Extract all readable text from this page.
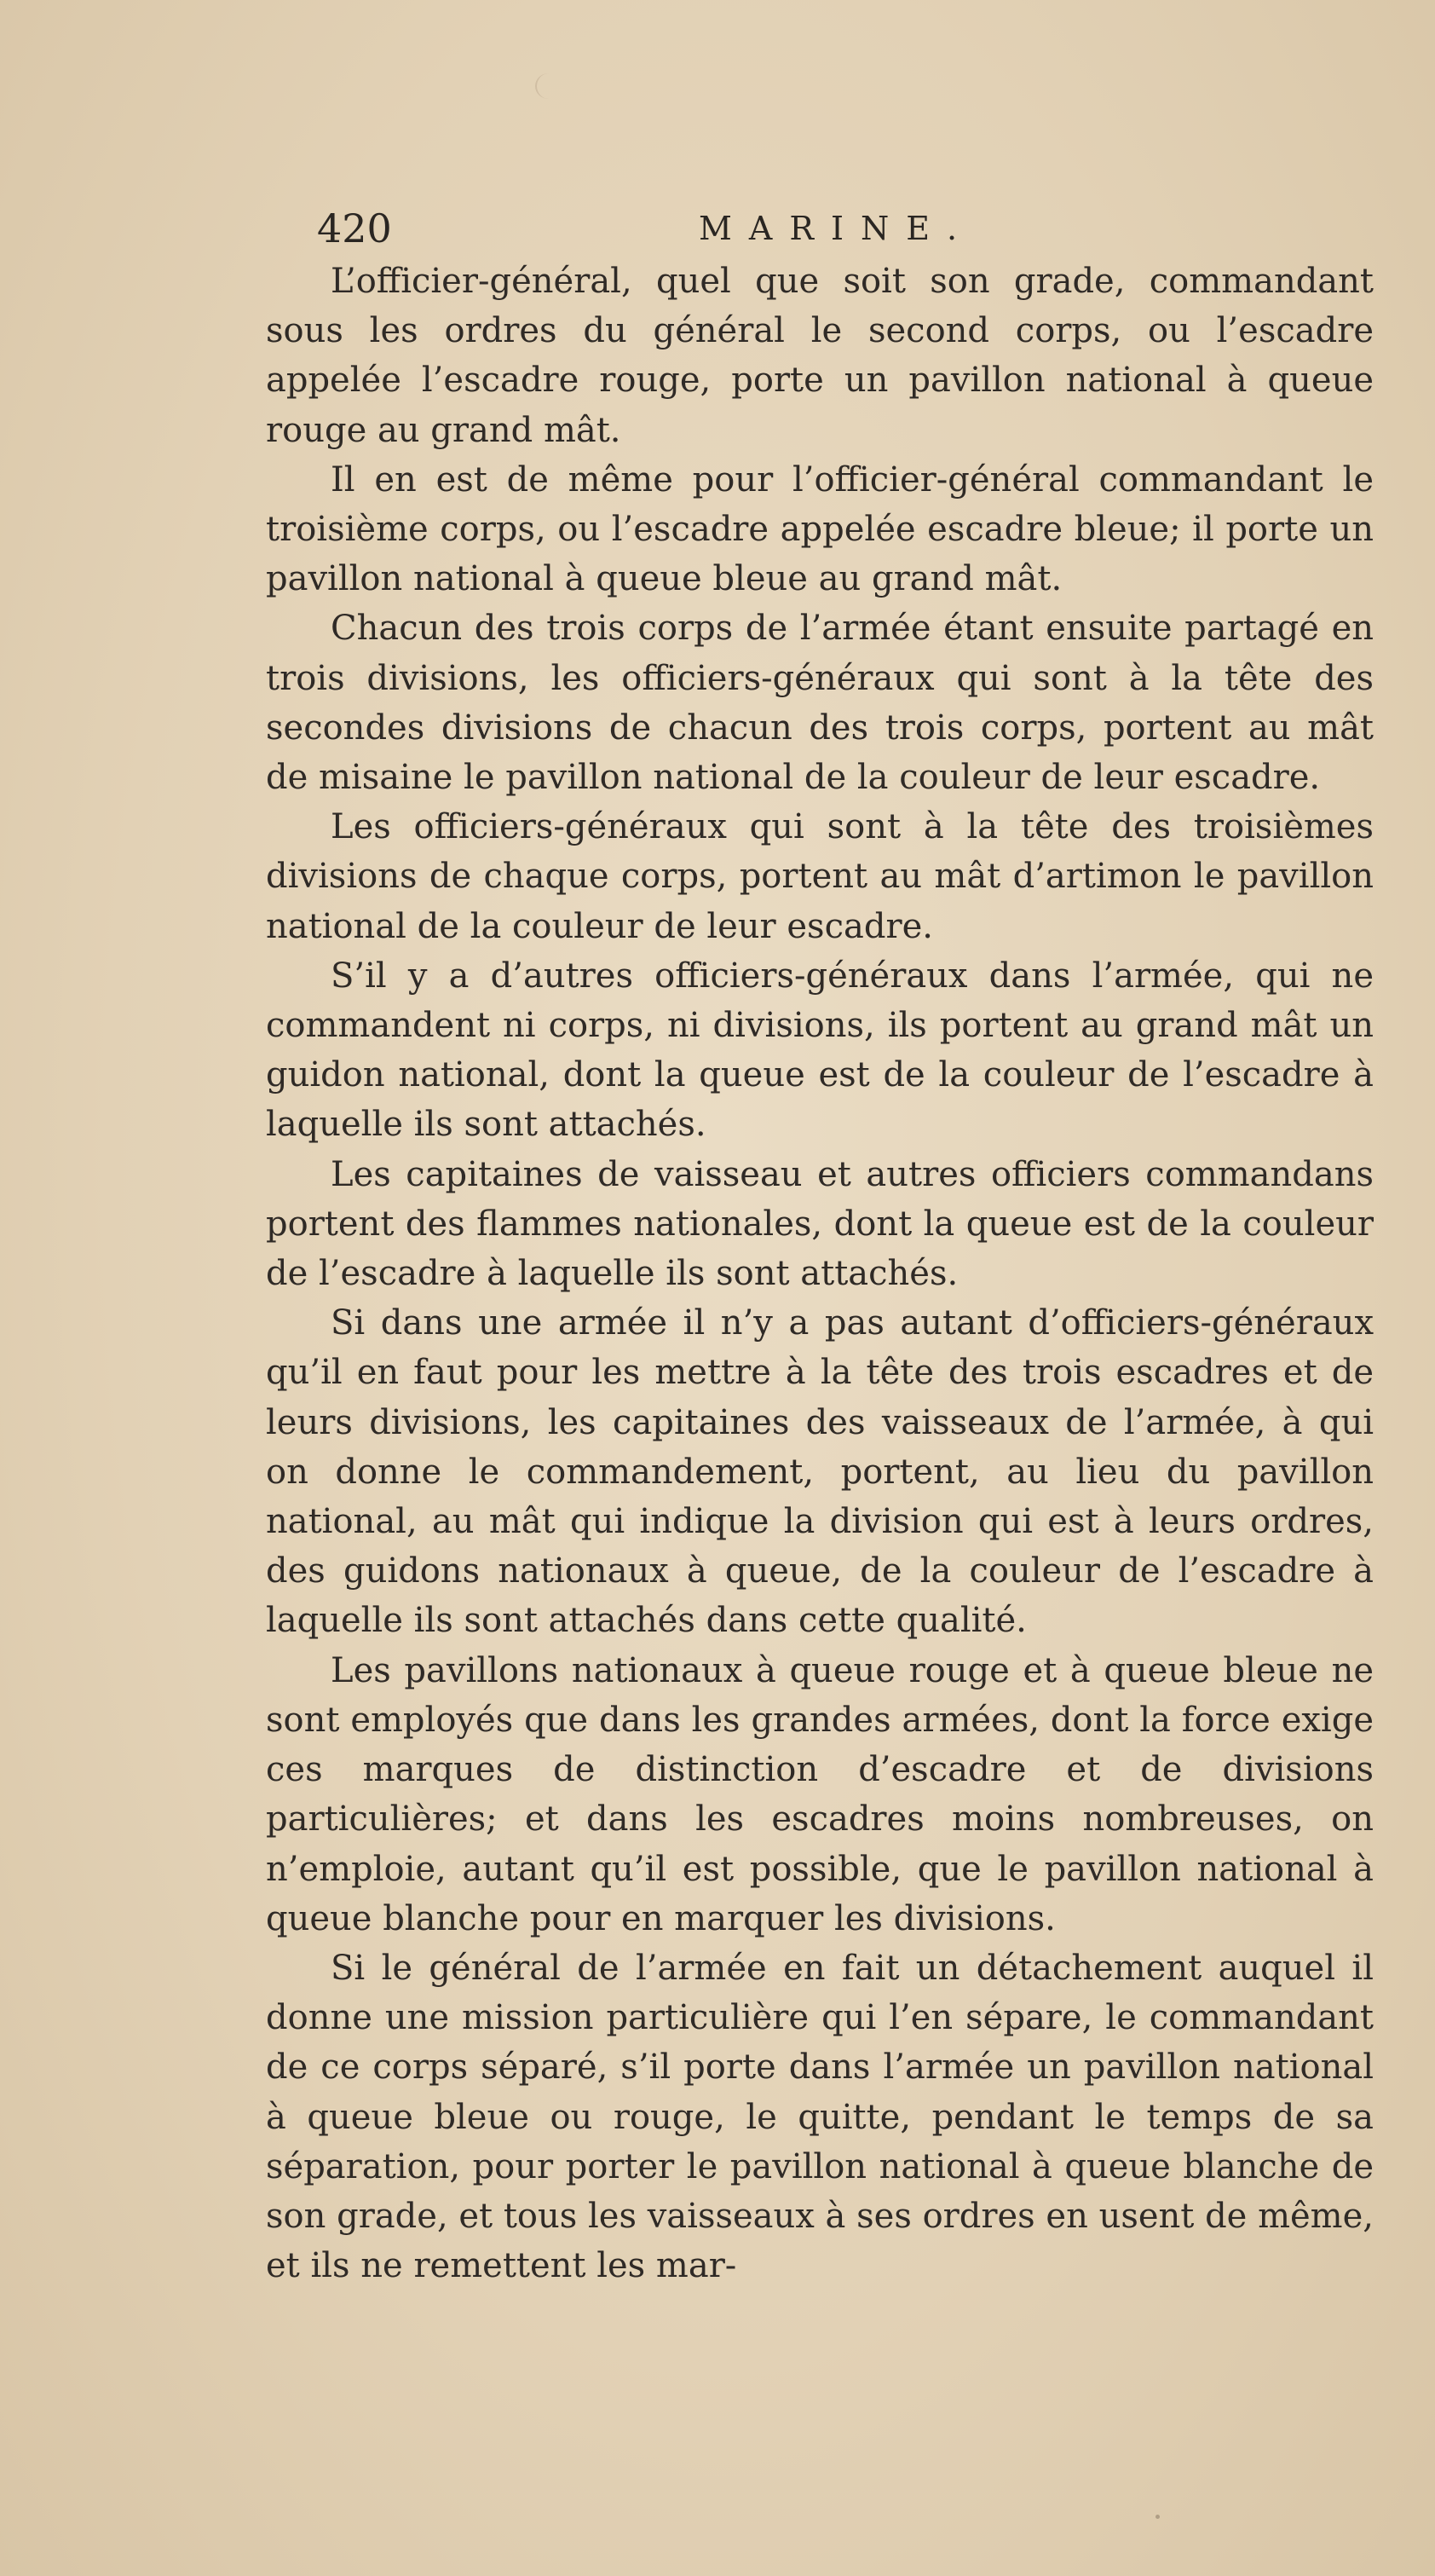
420	MARINE.

L’officier-général, quel que soit son grade, commandant sous les ordres du général le second corps, ou l’escadre appelée l’escadre rouge, porte un pavillon national à queue rouge au grand mât.

Il en est de même pour l’officier-général commandant le troisième corps, ou l’escadre appelée escadre bleue; il porte un pavillon national à queue bleue au grand mât.

Chacun des trois corps de l’armée étant ensuite partagé en trois divisions, les officiers-généraux qui sont à la tête des secondes divisions de chacun des trois corps, portent au mât de misaine le pavillon national de la couleur de leur escadre.

Les officiers-généraux qui sont à la tête des troisièmes divisions de chaque corps, portent au mât d’artimon le pavillon national de la couleur de leur escadre.

S’il y a d’autres officiers-généraux dans l’armée, qui ne commandent ni corps, ni divisions, ils portent au grand mât un guidon national, dont la queue est de la couleur de l’escadre à laquelle ils sont attachés.

Les capitaines de vaisseau et autres officiers commandans portent des flammes nationales, dont la queue est de la couleur de l’escadre à laquelle ils sont attachés.

Si dans une armée il n’y a pas autant d’officiers-généraux qu’il en faut pour les mettre à la tête des trois escadres et de leurs divisions, les capitaines des vaisseaux de l’armée, à qui on donne le commandement, portent, au lieu du pavillon national, au mât qui indique la division qui est à leurs ordres, des guidons nationaux à queue, de la couleur de l’escadre à laquelle ils sont attachés dans cette qualité.

Les pavillons nationaux à queue rouge et à queue bleue ne sont employés que dans les grandes armées, dont la force exige ces marques de distinction d’escadre et de divisions particulières; et dans les escadres moins nombreuses, on n’emploie, autant qu’il est possible, que le pavillon national à queue blanche pour en marquer les divisions.

Si le général de l’armée en fait un détachement auquel il donne une mission particulière qui l’en sépare, le commandant de ce corps séparé, s’il porte dans l’armée un pavillon national à queue bleue ou rouge, le quitte, pendant le temps de sa séparation, pour porter le pavillon national à queue blanche de son grade, et tous les vaisseaux à ses ordres en usent de même, et ils ne remettent les mar-
